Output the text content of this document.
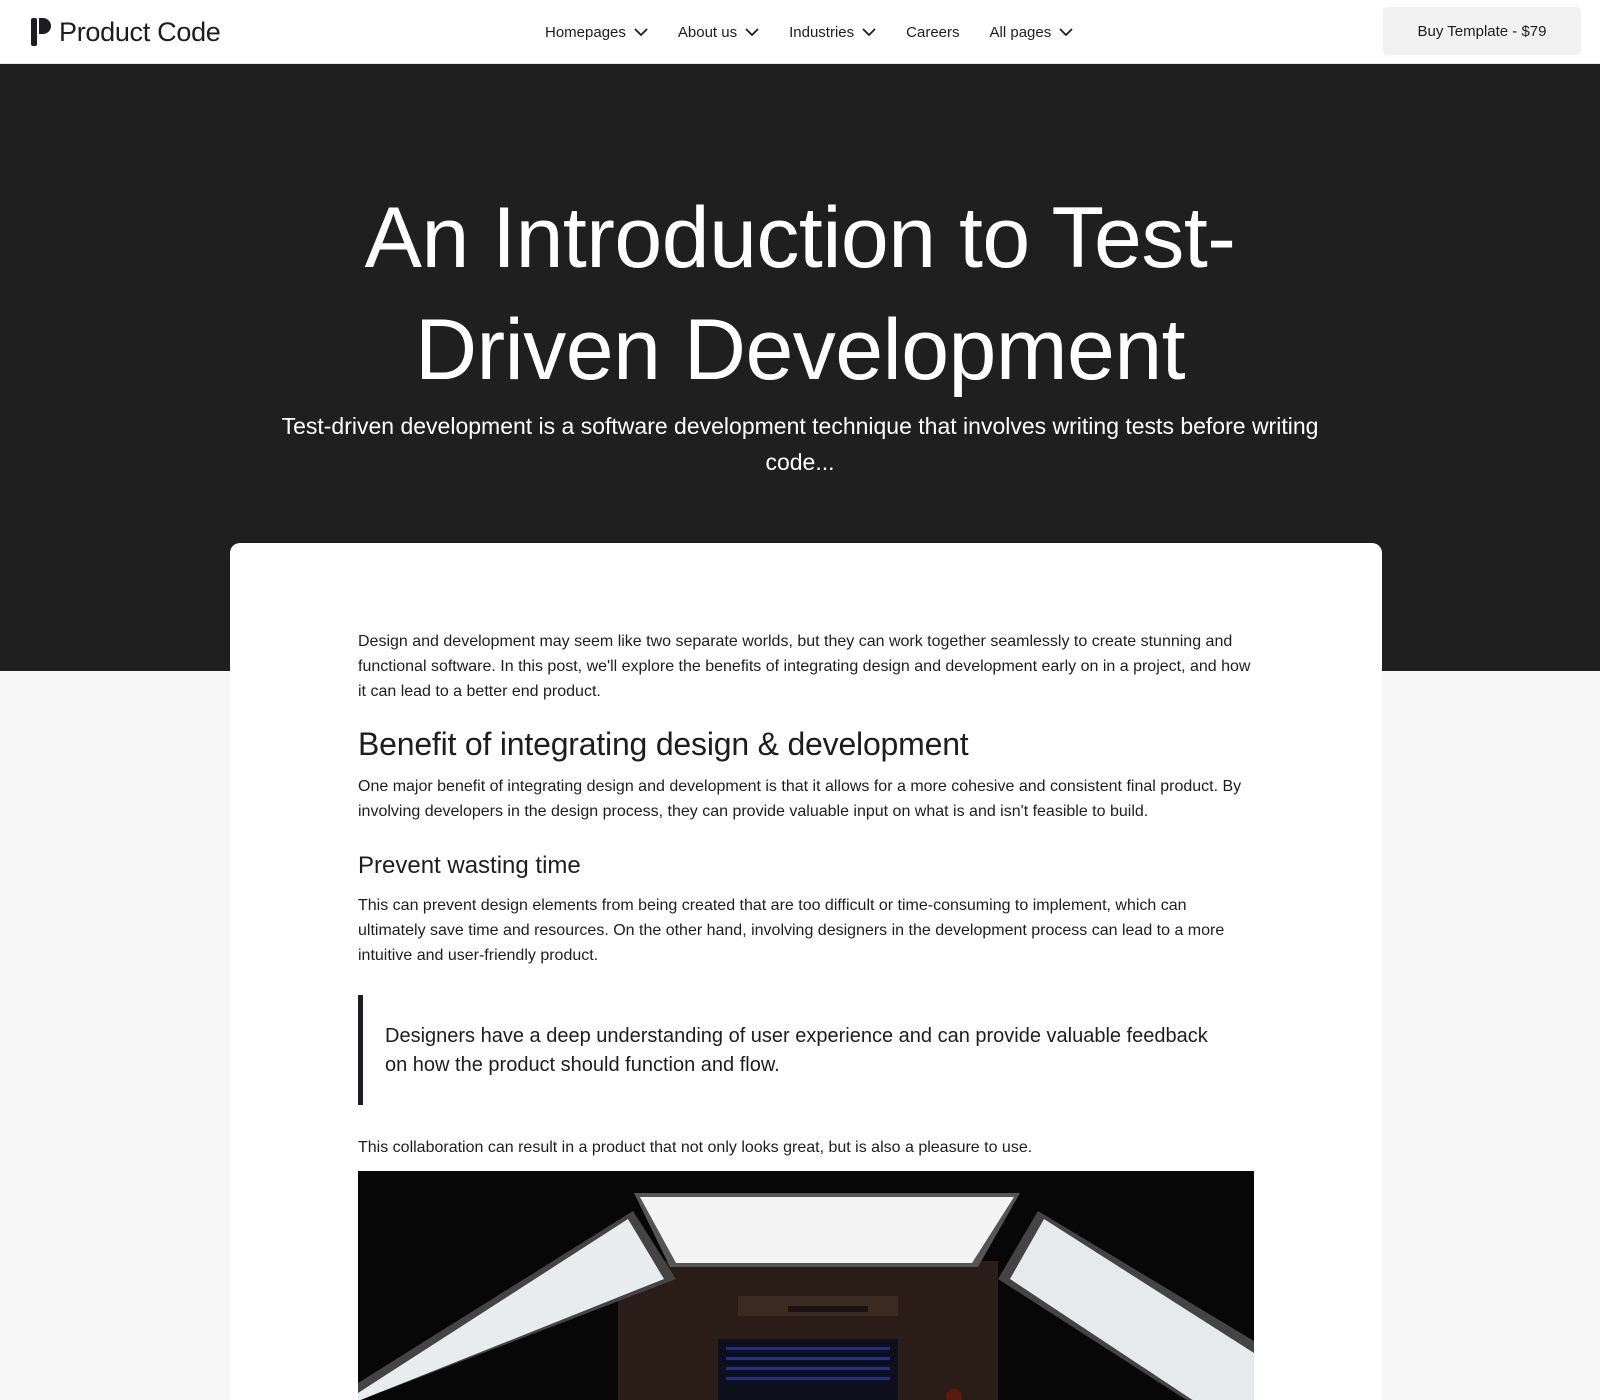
Product Code	Homepages	About us	Industries	Careers All pages	Buy Template - $79
An Introduction to Test-
Driven Development

Test-driven development is a software development technique that involves writing tests before writing code...

Design and development may seem like two separate worlds, but they can work together seamlessly to create stunning and functional software. In this post, we'll explore the benefits of integrating design and development early on in a project, and how it can lead to a better end product.

Benefit of integrating design & development

One major benefit of integrating design and development is that it allows for a more cohesive and consistent final product. By involving developers in the design process, they can provide valuable input on what is and isn't feasible to build.

Prevent wasting time

This can prevent design elements from being created that are too difficult or time-consuming to implement, which can ultimately save time and resources. On the other hand, involving designers in the development process can lead to a more intuitive and user-friendly product.

Designers have a deep understanding of user experience and can provide valuable feedback on how the product should function and flow.

This collaboration can result in a product that not only looks great, but is also a pleasure to use.
